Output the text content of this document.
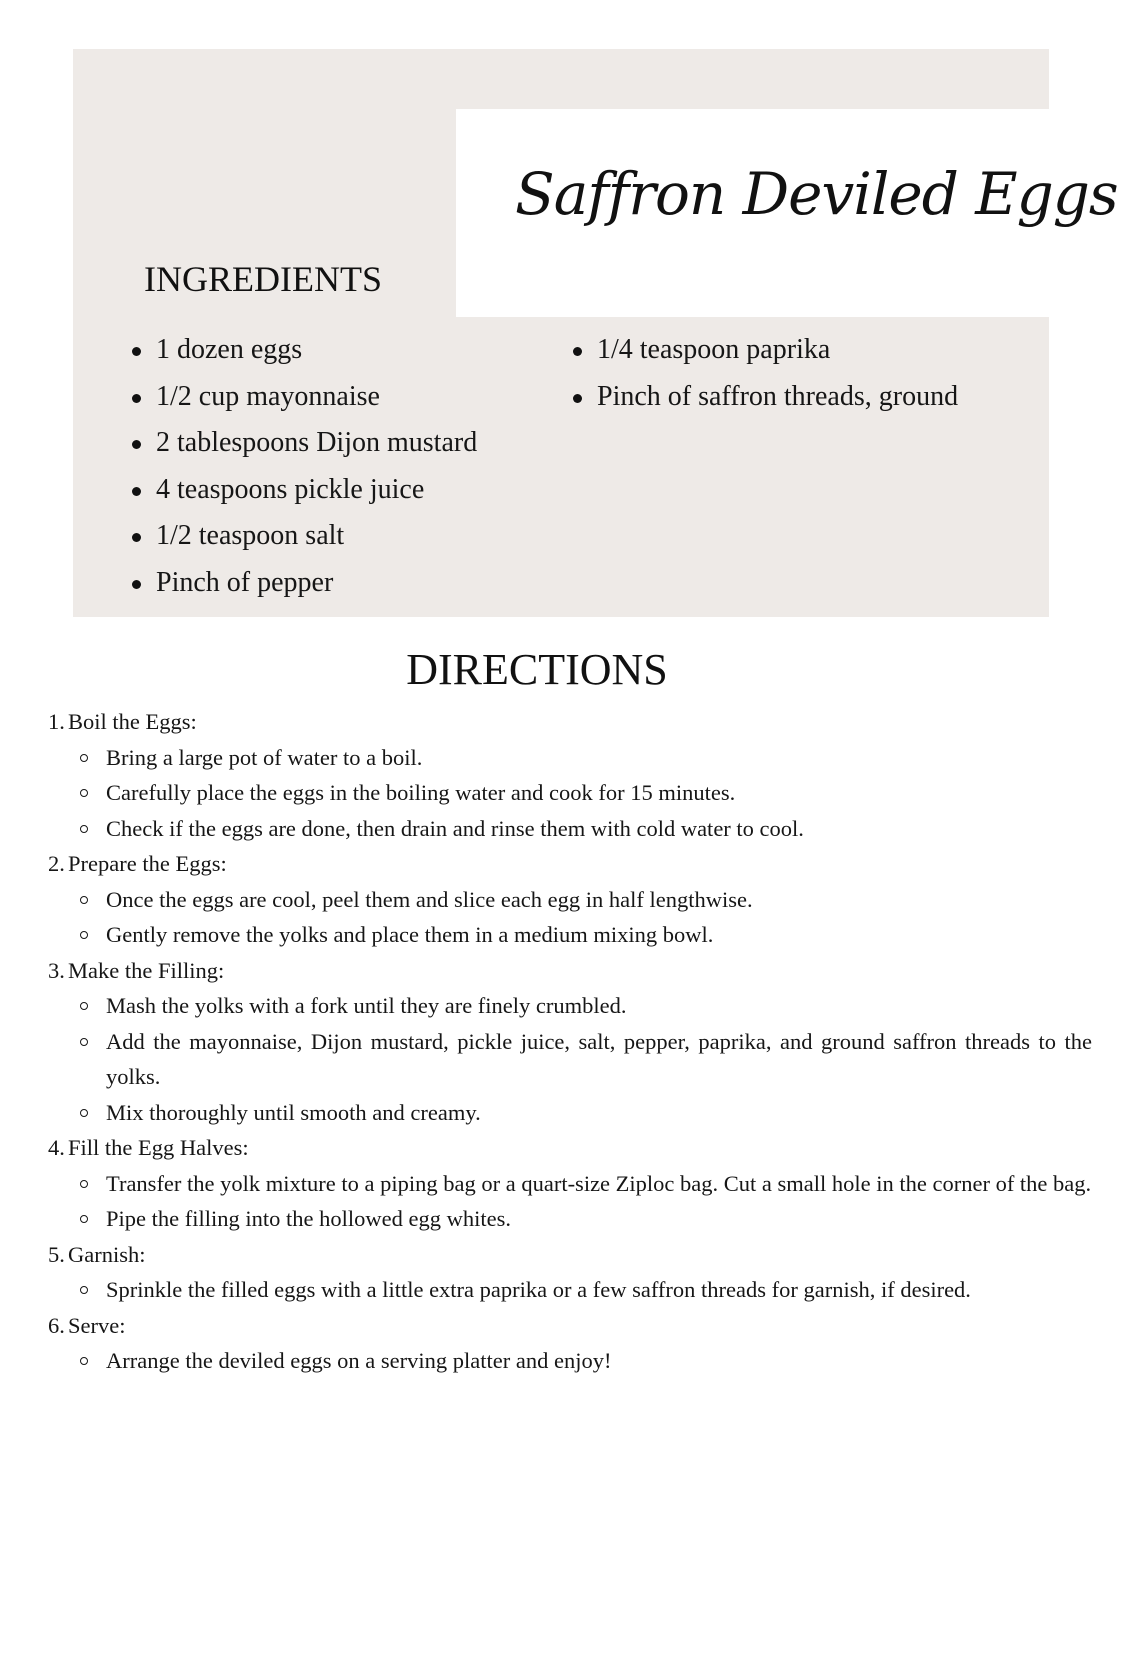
Saffron Deviled Eggs
INGREDIENTS
1 dozen eggs
1/2 cup mayonnaise
2 tablespoons Dijon mustard
4 teaspoons pickle juice
1/2 teaspoon salt
Pinch of pepper
1/4 teaspoon paprika
Pinch of saffron threads, ground
DIRECTIONS
1. Boil the Eggs:
Bring a large pot of water to a boil.
Carefully place the eggs in the boiling water and cook for 15 minutes.
Check if the eggs are done, then drain and rinse them with cold water to cool.
2. Prepare the Eggs:
Once the eggs are cool, peel them and slice each egg in half lengthwise.
Gently remove the yolks and place them in a medium mixing bowl.
3. Make the Filling:
Mash the yolks with a fork until they are finely crumbled.
Add the mayonnaise, Dijon mustard, pickle juice, salt, pepper, paprika, and ground saffron threads to the yolks.
Mix thoroughly until smooth and creamy.
4. Fill the Egg Halves:
Transfer the yolk mixture to a piping bag or a quart-size Ziploc bag. Cut a small hole in the corner of the bag.
Pipe the filling into the hollowed egg whites.
5. Garnish:
Sprinkle the filled eggs with a little extra paprika or a few saffron threads for garnish, if desired.
6. Serve:
Arrange the deviled eggs on a serving platter and enjoy!
